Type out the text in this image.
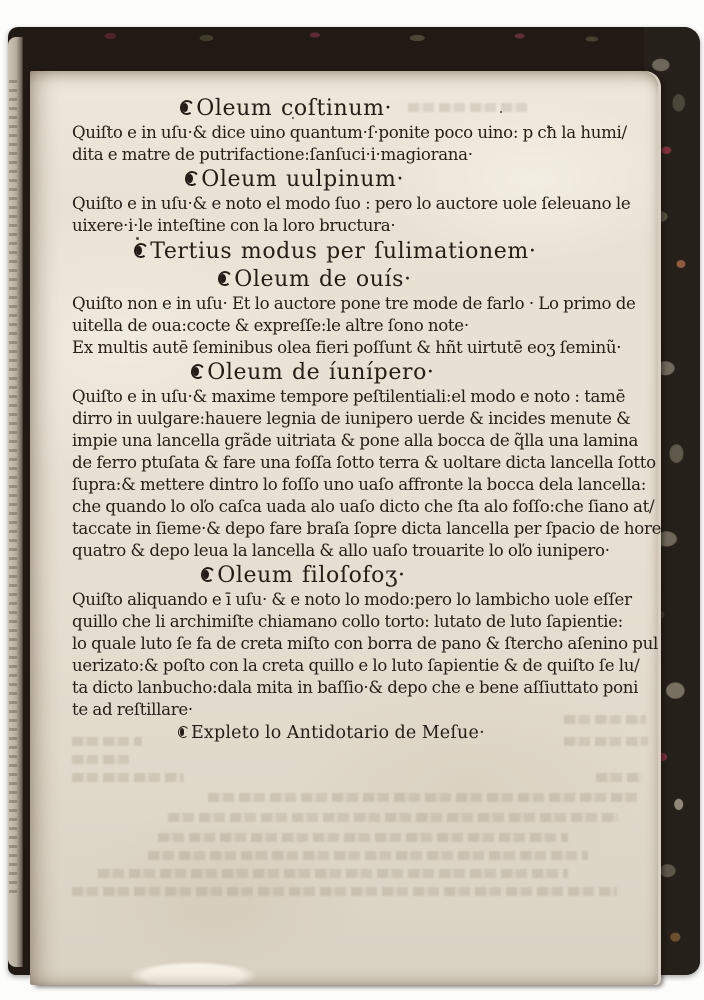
Oleum coſtinum·
Quiſto e in uſu·& dice uino quantum·ſ·ponite poco uino: p cħ la humi/
dita e matre de putrifactione:ſanſuci·i·magiorana·
Oleum uulpinum·
Quiſto e in uſu·& e noto el modo ſuo : pero lo auctore uole ſeleuano le
uixere·i·le inteſtine con la loro bructura·
Tertius modus per ſulimationem·
Oleum de ouís·
Quiſto non e in uſu· Et lo auctore pone tre mode de farlo · Lo primo de
uitella de oua:cocte & expreſſe:le altre ſono note·
Ex multis autē ſeminibus olea fieri poſſunt & hñt uirtutē eoʒ ſeminũ·
Oleum de íunípero·
Quiſto e in uſu·& maxime tempore peſtilentiali:el modo e noto : tamē
dirro in uulgare:hauere legnia de iunipero uerde & incides menute &
impie una lancella grãde uitriata & pone alla bocca de q̃lla una lamina
de ferro ptuſata & fare una foſſa ſotto terra & uoltare dicta lancella ſotto
ſupra:& mettere dintro lo foſſo uno uaſo affronte la bocca dela lancella:
che quando lo oľo caſca uada alo uaſo dicto che ſta alo foſſo:che ſiano at/
taccate in ſieme·& depo fare braſa ſopre dicta lancella per ſpacio de hore
quatro & depo leua la lancella & allo uaſo trouarite lo oľo iunipero·
Oleum filoſofoʒ·
Quiſto aliquando e ī uſu· & e noto lo modo:pero lo lambicho uole eſſer
quillo che li archimiſte chiamano collo torto: lutato de luto ſapientie:
lo quale luto ſe fa de creta miſto con borra de pano & ſtercho aſenino pul
uerizato:& poſto con la creta quillo e lo luto ſapientie & de quiſto ſe lu/
ta dicto lanbucho:dala mita in baſſio·& depo che e bene aſſiuttato poni
te ad reſtillare·
Expleto lo Antidotario de Meſue·
